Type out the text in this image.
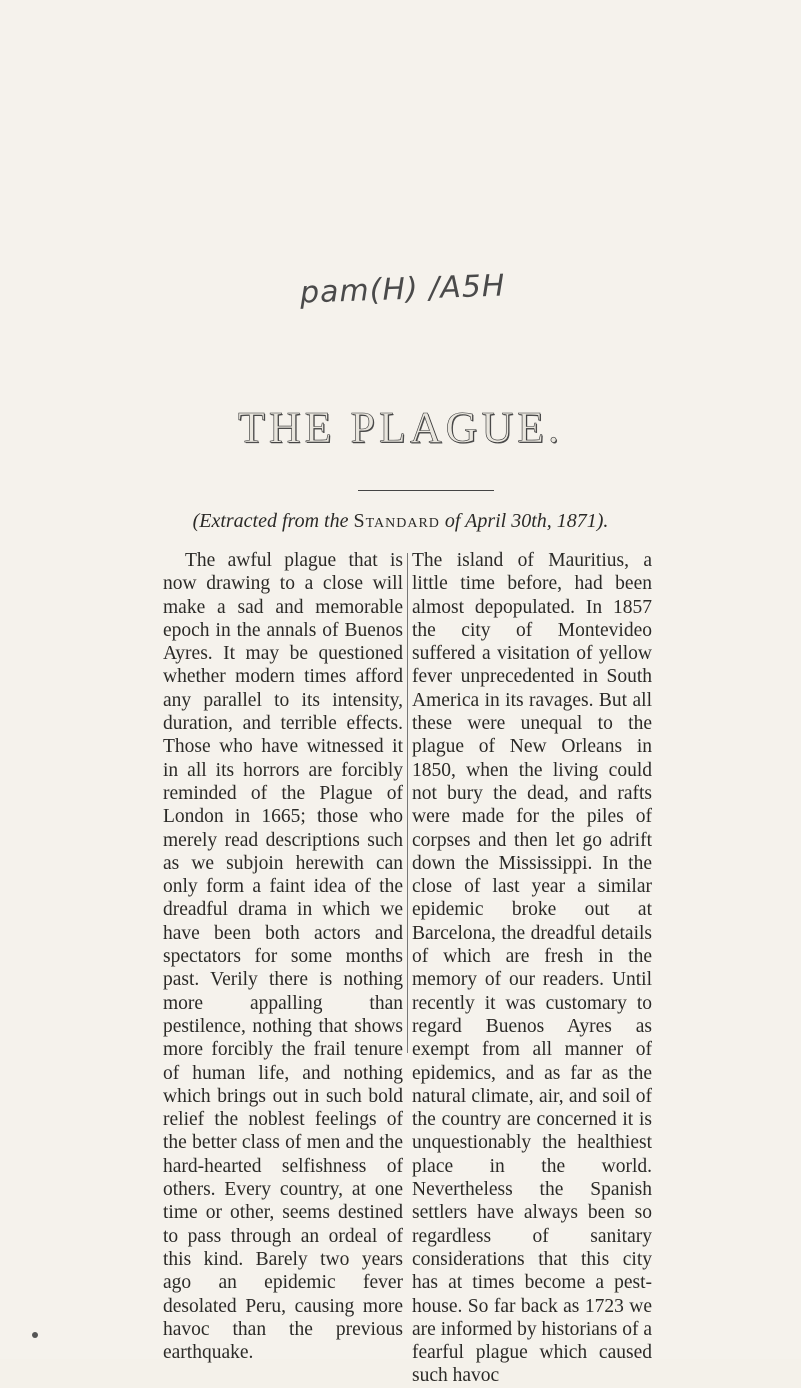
pam(H) /A5H
THE PLAGUE.
(Extracted from the Standard of April 30th, 1871).

The awful plague that is now drawing to a close will make a sad and memorable epoch in the annals of Buenos Ayres. It may be questioned whether modern times afford any parallel to its intensity, duration, and terrible effects. Those who have witnessed it in all its horrors are forcibly reminded of the Plague of London in 1665; those who merely read descriptions such as we subjoin herewith can only form a faint idea of the dreadful drama in which we have been both actors and spectators for some months past. Verily there is nothing more appalling than pestilence, nothing that shows more forcibly the frail tenure of human life, and nothing which brings out in such bold relief the noblest feelings of the better class of men and the hard-hearted selfishness of others. Every country, at one time or other, seems destined to pass through an ordeal of this kind. Barely two years ago an epidemic fever desolated Peru, causing more havoc than the previous earthquake.

The island of Mauritius, a little time before, had been almost depopulated. In 1857 the city of Montevideo suffered a visitation of yellow fever unprecedented in South America in its ravages. But all these were unequal to the plague of New Orleans in 1850, when the living could not bury the dead, and rafts were made for the piles of corpses and then let go adrift down the Mississippi. In the close of last year a similar epidemic broke out at Barcelona, the dreadful details of which are fresh in the memory of our readers. Until recently it was customary to regard Buenos Ayres as exempt from all manner of epidemics, and as far as the natural climate, air, and soil of the country are concerned it is unquestionably the healthiest place in the world. Nevertheless the Spanish settlers have always been so regardless of sanitary considerations that this city has at times become a pest-house. So far back as 1723 we are informed by historians of a fearful plague which caused such havoc
